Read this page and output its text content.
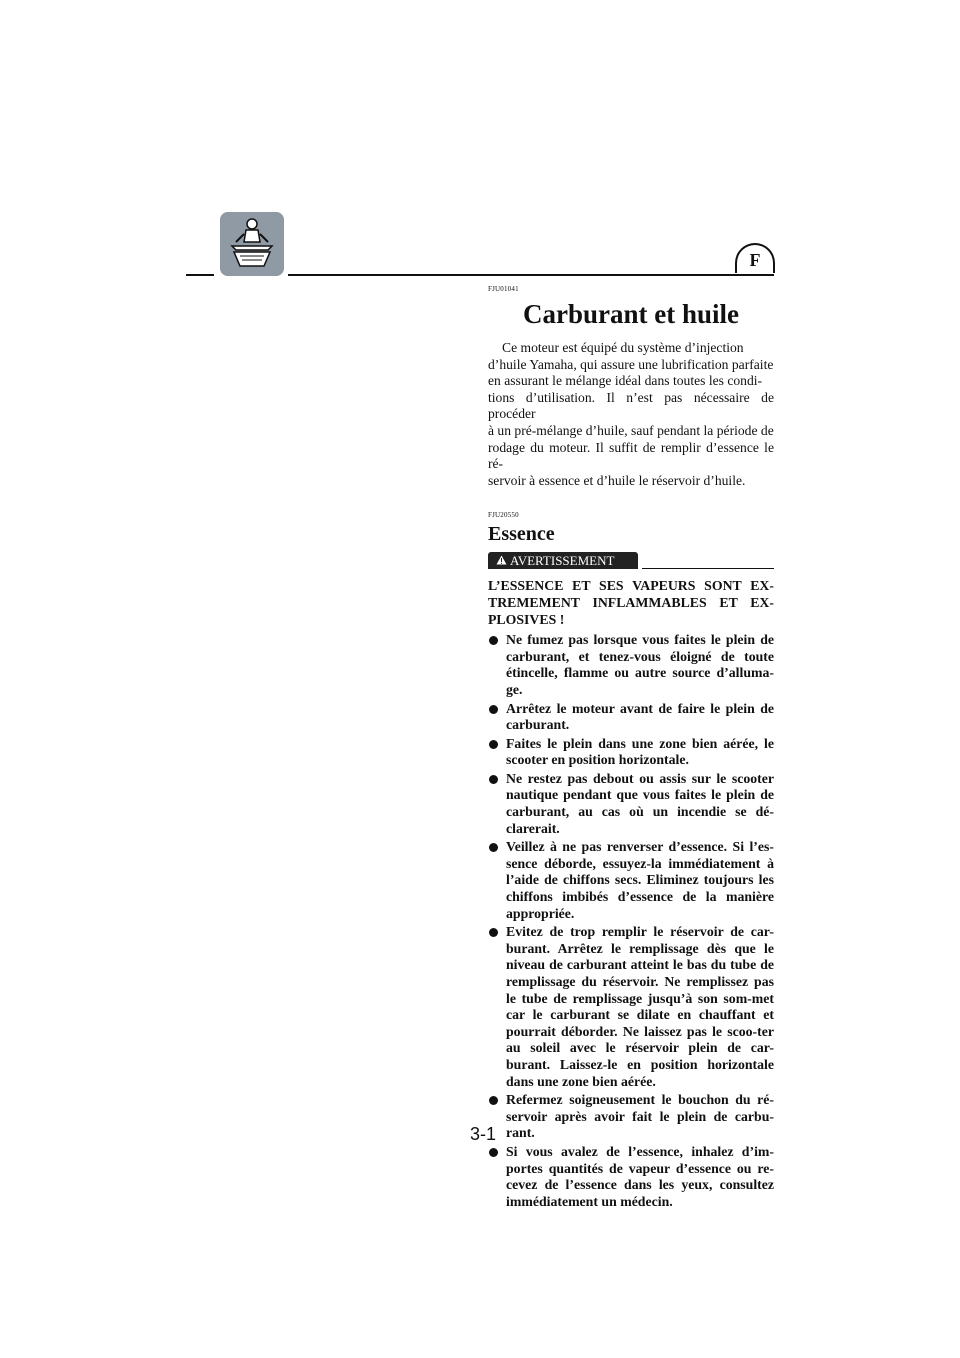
F

FJU01041

Carburant et huile

Ce moteur est équipé du système d’injection
d’huile Yamaha, qui assure une lubrification parfaite
en assurant le mélange idéal dans toutes les condi-
tions d’utilisation. Il n’est pas nécessaire de procéder
à un pré-mélange d’huile, sauf pendant la période de
rodage du moteur. Il suffit de remplir d’essence le ré-
servoir à essence et d’huile le réservoir d’huile.

FJU20550

Essence
AVERTISSEMENT
L’ESSENCE ET SES VAPEURS SONT EX-TREMEMENT INFLAMMABLES ET EX-PLOSIVES !
Ne fumez pas lorsque vous faites le plein de carburant, et tenez-vous éloigné de toute étincelle, flamme ou autre source d’alluma-ge.
Arrêtez le moteur avant de faire le plein de carburant.
Faites le plein dans une zone bien aérée, le scooter en position horizontale.
Ne restez pas debout ou assis sur le scooter nautique pendant que vous faites le plein de carburant, au cas où un incendie se dé-clarerait.
Veillez à ne pas renverser d’essence. Si l’es-sence déborde, essuyez-la immédiatement à l’aide de chiffons secs. Eliminez toujours les chiffons imbibés d’essence de la manière appropriée.
Evitez de trop remplir le réservoir de car-burant. Arrêtez le remplissage dès que le niveau de carburant atteint le bas du tube de remplissage du réservoir. Ne remplissez pas le tube de remplissage jusqu’à son som-met car le carburant se dilate en chauffant et pourrait déborder. Ne laissez pas le scoo-ter au soleil avec le réservoir plein de car-burant. Laissez-le en position horizontale dans une zone bien aérée.
Refermez soigneusement le bouchon du ré-servoir après avoir fait le plein de carbu-rant.
Si vous avalez de l’essence, inhalez d’im-portes quantités de vapeur d’essence ou re-cevez de l’essence dans les yeux, consultez immédiatement un médecin.
3-1
